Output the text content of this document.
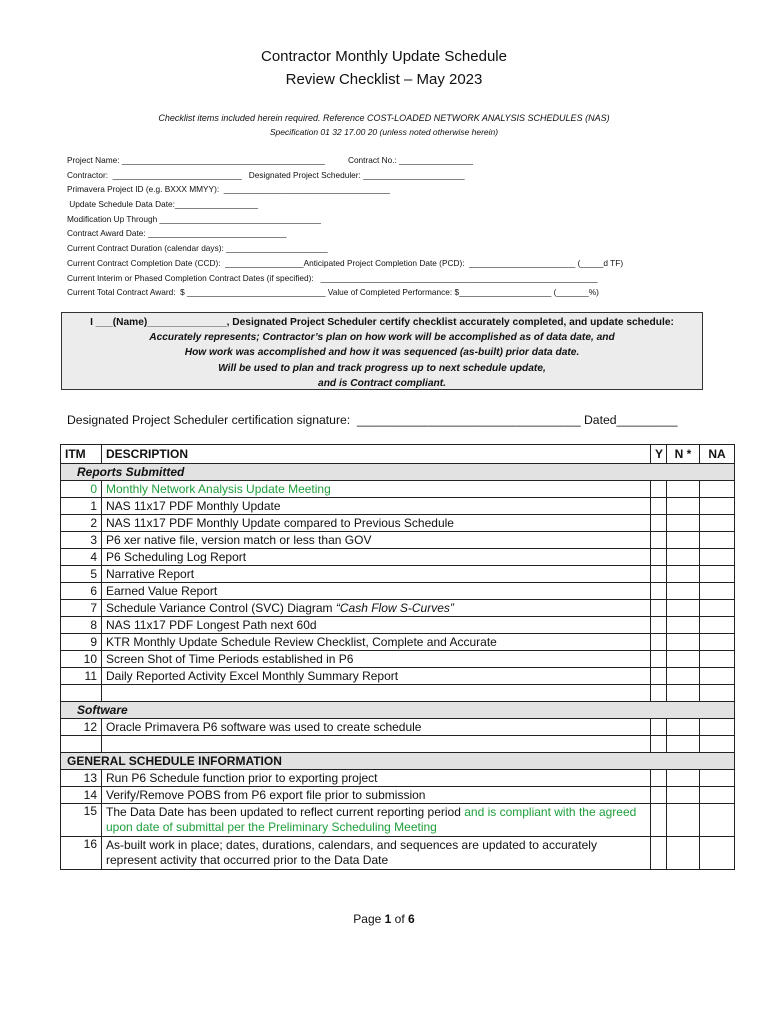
Contractor Monthly Update Schedule
Review Checklist – May 2023
Checklist items included herein required. Reference COST-LOADED NETWORK ANALYSIS SCHEDULES (NAS)
Specification 01 32 17.00 20 (unless noted otherwise herein)
Project Name: ____________________________________________          Contract No.: ________________
Contractor:  ____________________________   Designated Project Scheduler: ______________________
Primavera Project ID (e.g. BXXX MMYY):  ____________________________________
Update Schedule Data Date:__________________
Modification Up Through ___________________________________
Contract Award Date: ______________________________
Current Contract Duration (calendar days): ______________________
Current Contract Completion Date (CCD):  _________________Anticipated Project Completion Date (PCD):  _______________________ (_____d TF)
Current Interim or Phased Completion Contract Dates (if specified):   ____________________________________________________________
Current Total Contract Award:  $ ______________________________ Value of Completed Performance: $____________________ (_______%)
I ___(Name)______________, Designated Project Scheduler certify checklist accurately completed, and update schedule:
Accurately represents; Contractor’s plan on how work will be accomplished as of data date, and
How work was accomplished and how it was sequenced (as-built) prior data date.
Will be used to plan and track progress up to next schedule update,
and is Contract compliant.
Designated Project Scheduler certification signature:  _________________________________ Dated_________
ITM	DESCRIPTION	Y	N *	NA
Reports Submitted				
0	Monthly Network Analysis Update Meeting			
1	NAS 11x17 PDF Monthly Update			
2	NAS 11x17 PDF Monthly Update compared to Previous Schedule			
3	P6 xer native file, version match or less than GOV			
4	P6 Scheduling Log Report			
5	Narrative Report			
6	Earned Value Report			
7	Schedule Variance Control (SVC) Diagram “Cash Flow S-Curves”			
8	NAS 11x17 PDF Longest Path next 60d			
9	KTR Monthly Update Schedule Review Checklist, Complete and Accurate			
10	Screen Shot of Time Periods established in P6			
11	Daily Reported Activity Excel Monthly Summary Report			

Software				
12	Oracle Primavera P6 software was used to create schedule			

GENERAL SCHEDULE INFORMATION				
13	Run P6 Schedule function prior to exporting project			
14	Verify/Remove POBS from P6 export file prior to submission			
15	The Data Date has been updated to reflect current reporting period and is compliant with the agreed upon date of submittal per the Preliminary Scheduling Meeting			
16	As-built work in place; dates, durations, calendars, and sequences are updated to accurately represent activity that occurred prior to the Data Date			
Page 1 of 6
